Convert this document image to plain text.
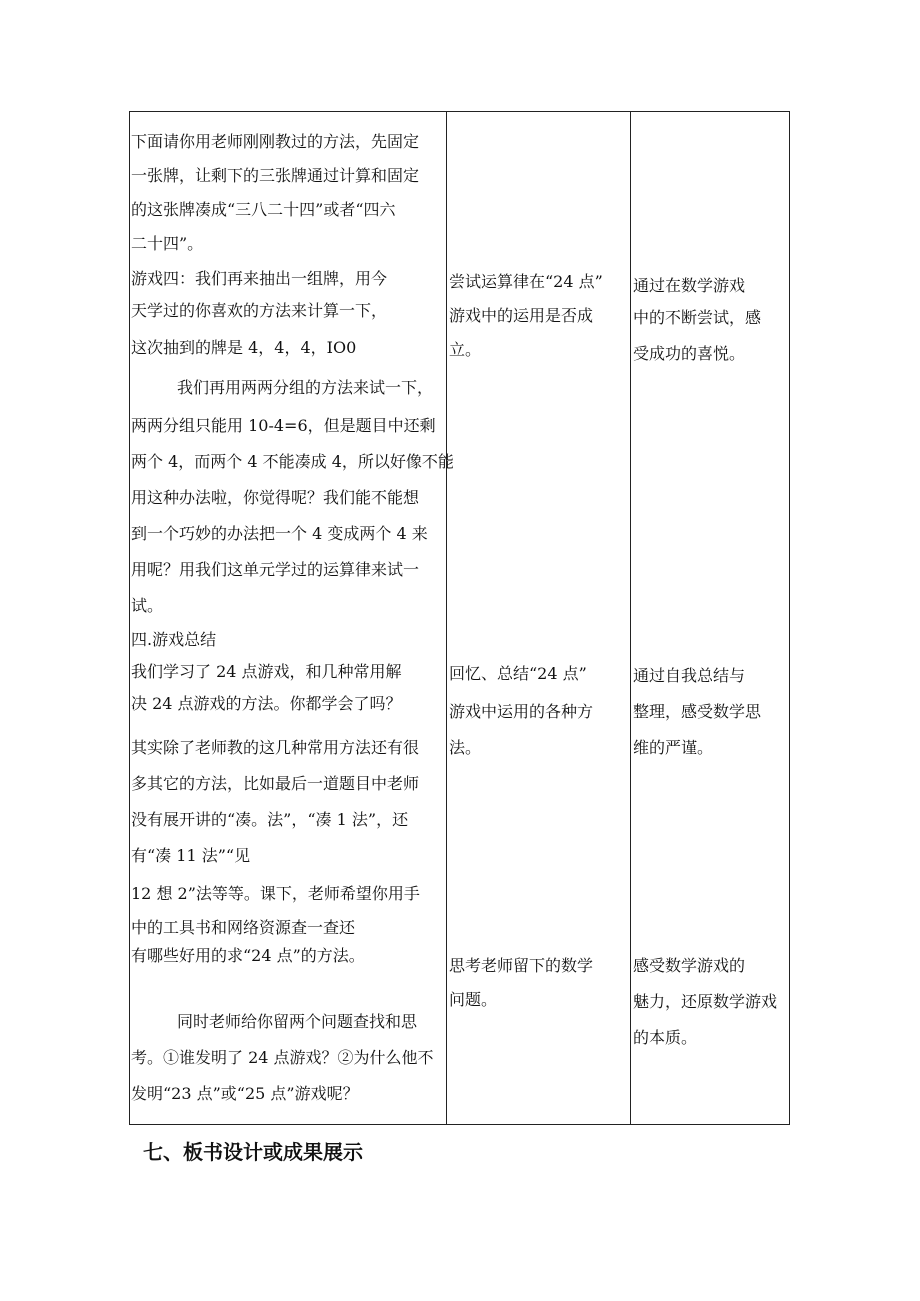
下面请你用老师刚刚教过的方法，先固定
一张牌，让剩下的三张牌通过计算和固定
的这张牌凑成“三八二十四”或者“四六
二十四”。
游戏四：我们再来抽出一组牌，用今
天学过的你喜欢的方法来计算一下，
这次抽到的牌是 4，4，4，IO0
我们再用两两分组的方法来试一下，
两两分组只能用 10-4=6，但是题目中还剩
两个 4，而两个 4 不能凑成 4，所以好像不能
用这种办法啦，你觉得呢？我们能不能想
到一个巧妙的办法把一个 4 变成两个 4 来
用呢？用我们这单元学过的运算律来试一
试。
四.游戏总结
我们学习了 24 点游戏，和几种常用解
决 24 点游戏的方法。你都学会了吗？
其实除了老师教的这几种常用方法还有很
多其它的方法，比如最后一道题目中老师
没有展开讲的“凑。法”，“凑 1 法”，还
有“凑 11 法”“见
12 想 2”法等等。课下，老师希望你用手
中的工具书和网络资源查一查还
有哪些好用的求“24 点”的方法。
同时老师给你留两个问题查找和思
考。①谁发明了 24 点游戏？②为什么他不
发明“23 点”或“25 点”游戏呢？
尝试运算律在“24 点”
游戏中的运用是否成
立。
回忆、总结“24 点”
游戏中运用的各种方
法。
思考老师留下的数学
问题。
通过在数学游戏
中的不断尝试，感
受成功的喜悦。
通过自我总结与
整理，感受数学思
维的严谨。
感受数学游戏的
魅力，还原数学游戏
的本质。
七、板书设计或成果展示
